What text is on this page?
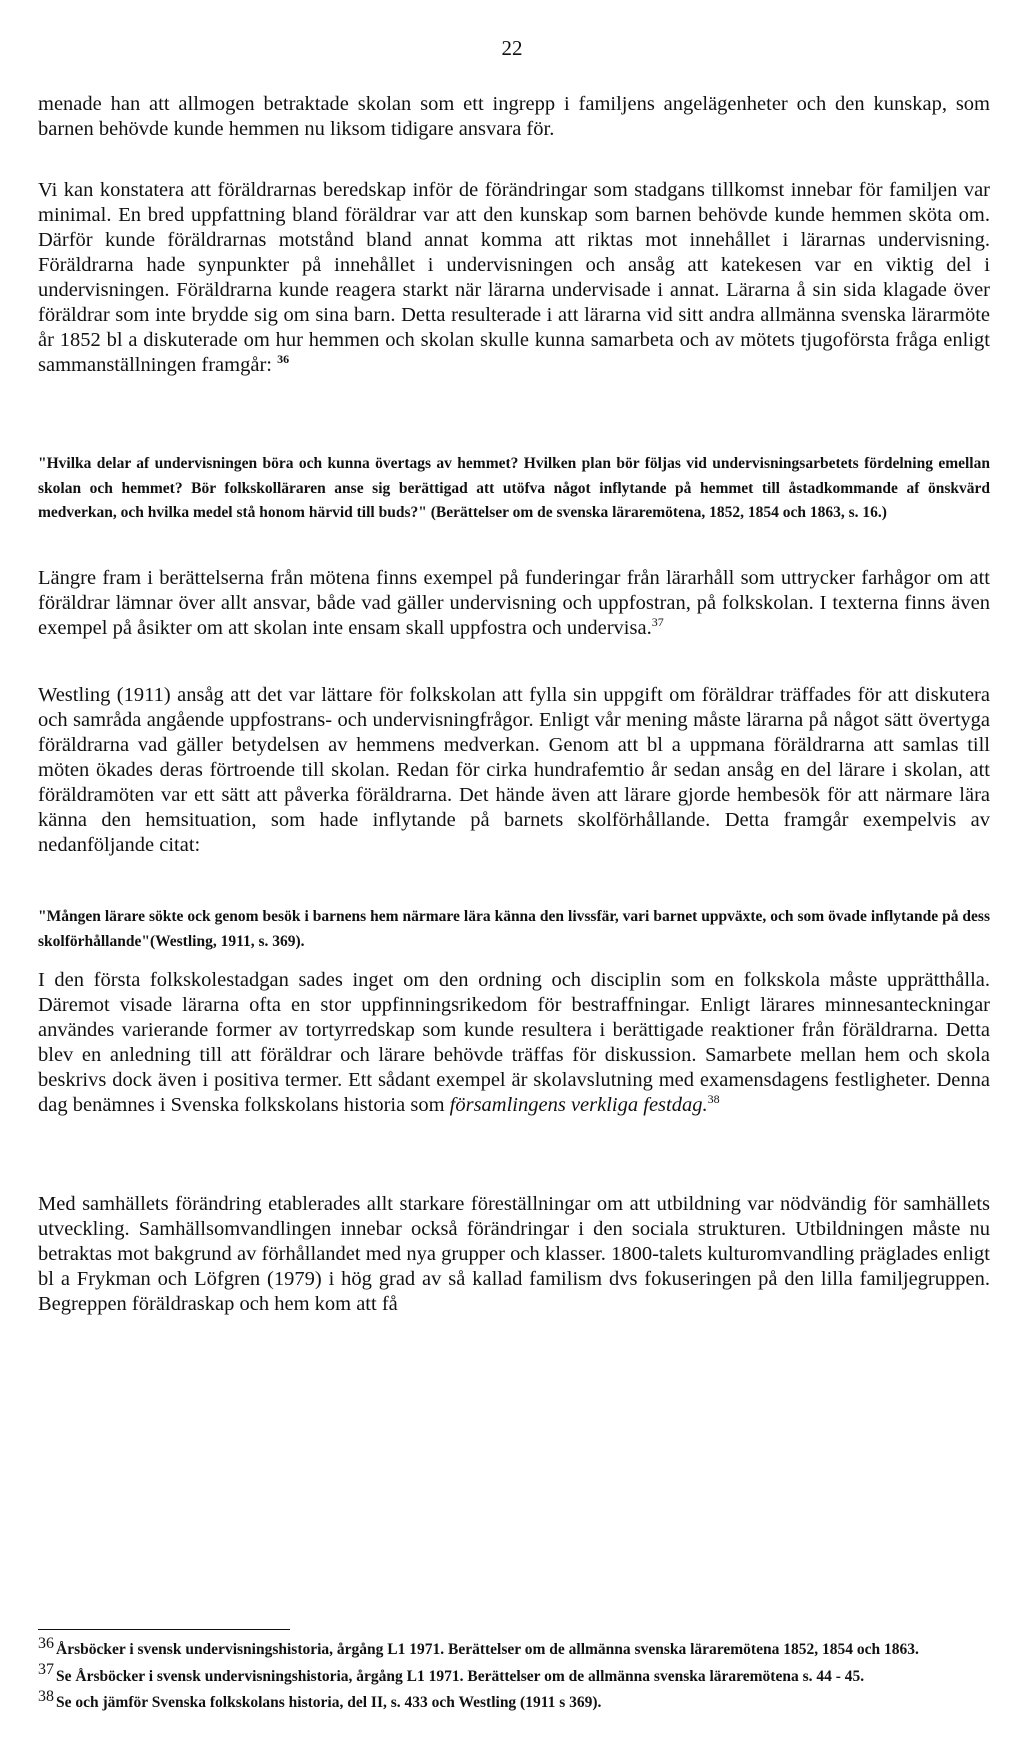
22

menade han att allmogen betraktade skolan som ett ingrepp i familjens angelägenheter och den kunskap, som barnen behövde kunde hemmen nu liksom tidigare ansvara för.

Vi kan konstatera att föräldrarnas beredskap inför de förändringar som stadgans tillkomst innebar för familjen var minimal. En bred uppfattning bland föräldrar var att den kunskap som barnen behövde kunde hemmen sköta om. Därför kunde föräldrarnas motstånd bland annat komma att riktas mot innehållet i lärarnas undervisning. Föräldrarna hade synpunkter på innehållet i undervisningen och ansåg att katekesen var en viktig del i undervisningen. Föräldrarna kunde reagera starkt när lärarna undervisade i annat. Lärarna å sin sida klagade över föräldrar som inte brydde sig om sina barn. Detta resulterade i att lärarna vid sitt andra allmänna svenska lärarmöte år 1852 bl a diskuterade om hur hemmen och skolan skulle kunna samarbeta och av mötets tjugoförsta fråga enligt sammanställningen framgår: $^{36}$

"Hvilka delar af undervisningen böra och kunna övertags av hemmet? Hvilken plan bör följas vid undervisningsarbetets fördelning emellan skolan och hemmet? Bör folkskolläraren anse sig berättigad att utöfva något inflytande på hemmet till åstadkommande af önskvärd medverkan, och hvilka medel stå honom härvid till buds?" (Berättelser om de svenska läraremötena, 1852, 1854 och 1863, s. 16.)

Längre fram i berättelserna från mötena finns exempel på funderingar från lärarhåll som uttrycker farhågor om att föräldrar lämnar över allt ansvar, både vad gäller undervisning och uppfostran, på folkskolan. I texterna finns även exempel på åsikter om att skolan inte ensam skall uppfostra och undervisa.$^{37}$

Westling (1911) ansåg att det var lättare för folkskolan att fylla sin uppgift om föräldrar träffades för att diskutera och samråda angående uppfostrans- och undervisningfrågor. Enligt vår mening måste lärarna på något sätt övertyga föräldrarna vad gäller betydelsen av hemmens medverkan. Genom att bl a uppmana föräldrarna att samlas till möten ökades deras förtroende till skolan. Redan för cirka hundrafemtio år sedan ansåg en del lärare i skolan, att föräldramöten var ett sätt att påverka föräldrarna. Det hände även att lärare gjorde hembesök för att närmare lära känna den hemsituation, som hade inflytande på barnets skolförhållande. Detta framgår exempelvis av nedanföljande citat:

"Mången lärare sökte ock genom besök i barnens hem närmare lära känna den livssfär, vari barnet uppväxte, och som övade inflytande på dess skolförhållande"(Westling, 1911, s. 369).

I den första folkskolestadgan sades inget om den ordning och disciplin som en folkskola måste upprätthålla. Däremot visade lärarna ofta en stor uppfinningsrikedom för bestraffningar. Enligt lärares minnesanteckningar användes varierande former av tortyrredskap som kunde resultera i berättigade reaktioner från föräldrarna. Detta blev en anledning till att föräldrar och lärare behövde träffas för diskussion. Samarbete mellan hem och skola beskrivs dock även i positiva termer. Ett sådant exempel är skolavslutning med examensdagens festligheter. Denna dag benämnes i Svenska folkskolans historia som församlingens verkliga festdag.$^{38}$

Med samhällets förändring etablerades allt starkare föreställningar om att utbildning var nödvändig för samhällets utveckling. Samhällsomvandlingen innebar också förändringar i den sociala strukturen. Utbildningen måste nu betraktas mot bakgrund av förhållandet med nya grupper och klasser. 1800-talets kulturomvandling präglades enligt bl a Frykman och Löfgren (1979) i hög grad av så kallad familism dvs fokuseringen på den lilla familjegruppen. Begreppen föräldraskap och hem kom att få

36 Årsböcker i svensk undervisningshistoria, årgång L1 1971. Berättelser om de allmänna svenska läraremötena 1852, 1854 och 1863.

37 Se Årsböcker i svensk undervisningshistoria, årgång L1 1971. Berättelser om de allmänna svenska läraremötena s. 44 - 45.

38 Se och jämför Svenska folkskolans historia, del II, s. 433 och Westling (1911 s 369).
